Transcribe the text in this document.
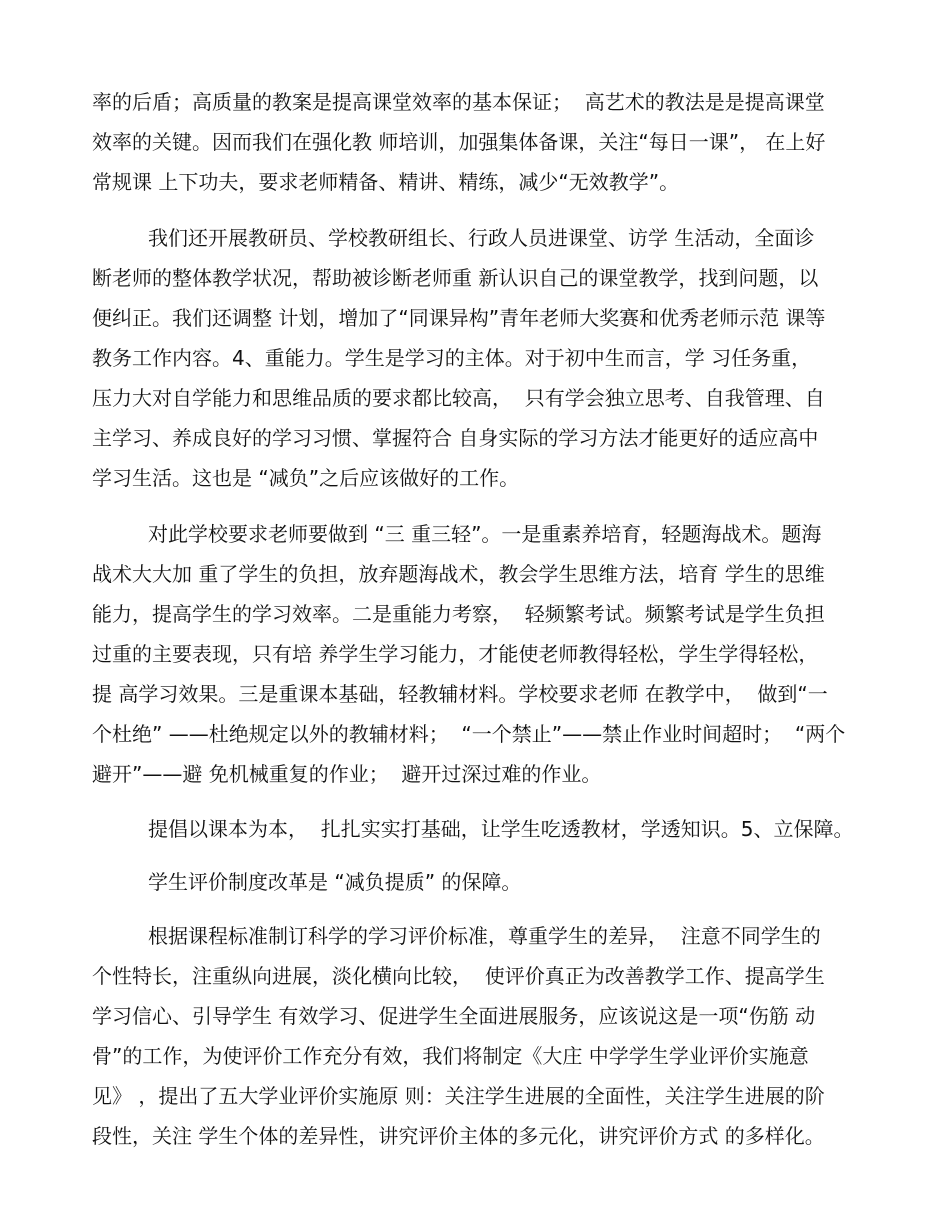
率的后盾；高质量的教案是提高课堂效率的基本保证；  高艺术的教法是是提高课堂
效率的关键。因而我们在强化教 师培训，加强集体备课，关注“每日一课”， 在上好
常规课 上下功夫，要求老师精备、精讲、精练，减少“无效教学”。
我们还开展教研员、学校教研组长、行政人员进课堂、访学 生活动，全面诊
断老师的整体教学状况，帮助被诊断老师重 新认识自己的课堂教学，找到问题，以
便纠正。我们还调整 计划，增加了“同课异构”青年老师大奖赛和优秀老师示范 课等
教务工作内容。4、重能力。学生是学习的主体。对于初中生而言，学 习任务重，
压力大对自学能力和思维品质的要求都比较高，  只有学会独立思考、自我管理、自
主学习、养成良好的学习习惯、掌握符合 自身实际的学习方法才能更好的适应高中
学习生活。这也是 “减负”之后应该做好的工作。
对此学校要求老师要做到 “三 重三轻”。一是重素养培育，轻题海战术。题海
战术大大加 重了学生的负担，放弃题海战术，教会学生思维方法，培育 学生的思维
能力，提高学生的学习效率。二是重能力考察，  轻频繁考试。频繁考试是学生负担
过重的主要表现，只有培 养学生学习能力，才能使老师教得轻松，学生学得轻松，
提 高学习效果。三是重课本基础，轻教辅材料。学校要求老师 在教学中，  做到“一
个杜绝” ——杜绝规定以外的教辅材料；  “一个禁止”——禁止作业时间超时；  “两个
避开”——避 免机械重复的作业；  避开过深过难的作业。
提倡以课本为本，  扎扎实实打基础，让学生吃透教材，学透知识。5、立保障。
学生评价制度改革是 “减负提质” 的保障。
根据课程标准制订科学的学习评价标准，尊重学生的差异，  注意不同学生的
个性特长，注重纵向进展，淡化横向比较，  使评价真正为改善教学工作、提高学生
学习信心、引导学生 有效学习、促进学生全面进展服务，应该说这是一项“伤筋 动
骨”的工作，为使评价工作充分有效，我们将制定《大庄 中学学生学业评价实施意
见》 ，提出了五大学业评价实施原 则：关注学生进展的全面性，关注学生进展的阶
段性，关注 学生个体的差异性，讲究评价主体的多元化，讲究评价方式 的多样化。
